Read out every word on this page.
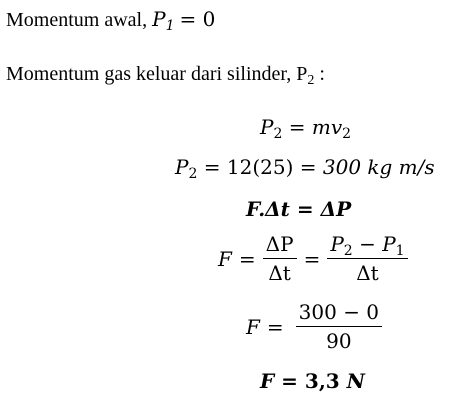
Momentum awal, $P_1 = 0$
Momentum gas keluar dari silinder, $P_2$ :
$P_2 = mv_2$
$P_2 = 12(25) = 300$ kg m/s
F.Δt = ΔP
$F = \frac{\Delta P}{\Delta t} = \frac{P_2 - P_1}{\Delta t}$
$F = \frac{300 - 0}{90}$
F = 3,3 N
